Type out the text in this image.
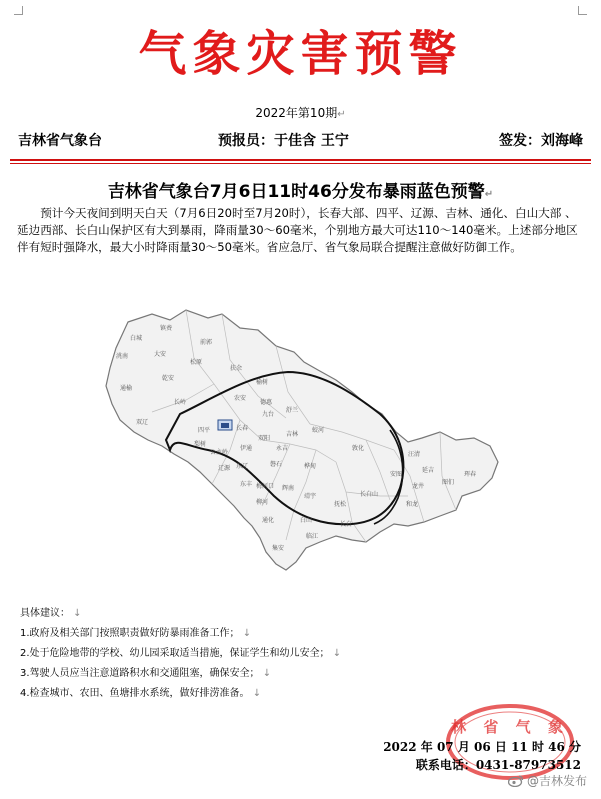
气象灾害预警
2022年第10期↵
吉林省气象台	预报员：于佳含 王宁	签发：刘海峰
吉林省气象台7月6日11时46分发布暴雨蓝色预警↵
预计今天夜间到明天白天（7月6日20时至7月20时），长春大部、四平、辽源、吉林、通化、白山大部 、延边西部、长白山保护区有大到暴雨，降雨量30～60毫米，个别地方最大可达110～140毫米。上述部分地区伴有短时强降水，最大小时降雨量30～50毫米。省应急厅、省气象局联合提醒注意做好防御工作。
白城
洮南
镇赉
大安
通榆
乾安
松原
前郭
长岭
扶余
农安
榆树
德惠
双辽
四平	长春
九台
舒兰
梨树
公主岭
伊通
双阳
吉林
永吉
蛟河
敦化
汪清
珲春
延吉
图们
龙井
安图
和龙
辽源 东辽
东丰
磐石	桦甸
梅河口 辉南
柳河
靖宇
抚松
通化	白山
长白山
集安
临江
长白
具体建议： ↓
1.政府及相关部门按照职责做好防暴雨准备工作； ↓
2.处于危险地带的学校、幼儿园采取适当措施，保证学生和幼儿安全； ↓
3.驾驶人员应当注意道路积水和交通阻塞，确保安全； ↓
4.检查城市、农田、鱼塘排水系统，做好排涝准备。 ↓
林 省 气 象
2022 年 07 月 06 日 11 时 46 分
联系电话：0431-87973512
@吉林发布
